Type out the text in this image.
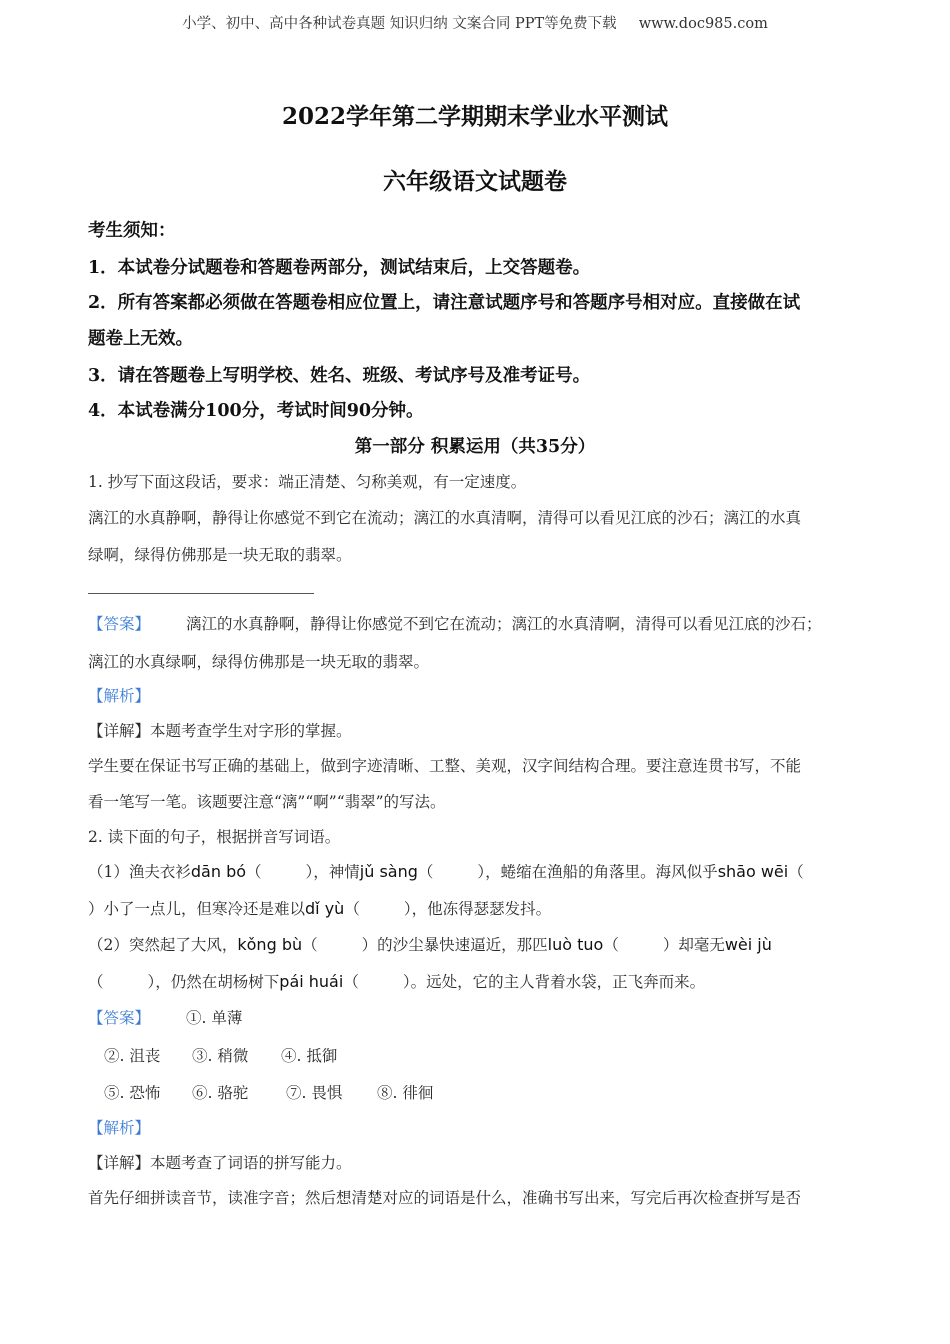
小学、初中、高中各种试卷真题 知识归纳 文案合同 PPT等免费下载 www.doc985.com
2022学年第二学期期末学业水平测试
六年级语文试题卷
考生须知：
1．本试卷分试题卷和答题卷两部分，测试结束后，上交答题卷。
2．所有答案都必须做在答题卷相应位置上，请注意试题序号和答题序号相对应。直接做在试
题卷上无效。
3．请在答题卷上写明学校、姓名、班级、考试序号及准考证号。
4．本试卷满分100分，考试时间90分钟。
第一部分 积累运用（共35分）
1. 抄写下面这段话，要求：端正清楚、匀称美观，有一定速度。
漓江的水真静啊，静得让你感觉不到它在流动；漓江的水真清啊，清得可以看见江底的沙石；漓江的水真
绿啊，绿得仿佛那是一块无取的翡翠。
【答案】 漓江的水真静啊，静得让你感觉不到它在流动；漓江的水真清啊，清得可以看见江底的沙石；
漓江的水真绿啊，绿得仿佛那是一块无取的翡翠。
【解析】
【详解】本题考查学生对字形的掌握。
学生要在保证书写正确的基础上，做到字迹清晰、工整、美观，汉字间结构合理。要注意连贯书写，不能
看一笔写一笔。该题要注意“漓”“啊”“翡翠”的写法。
2. 读下面的句子，根据拼音写词语。
（1）渔夫衣衫dān bó（	），神情jǔ sàng（	），蜷缩在渔船的角落里。海风似乎shāo wēi（
）小了一点儿，但寒冷还是难以dǐ yù（	），他冻得瑟瑟发抖。
（2）突然起了大风，kǒng bù（	）的沙尘暴快速逼近，那匹luò tuo（	）却毫无wèi jù
（	），仍然在胡杨树下pái huái（	）。远处，它的主人背着水袋，正飞奔而来。
【答案】 ①. 单薄
②. 沮丧 ③. 稍微 ④. 抵御
⑤. 恐怖 ⑥. 骆驼 ⑦. 畏惧 ⑧. 徘徊
【解析】
【详解】本题考查了词语的拼写能力。
首先仔细拼读音节，读准字音；然后想清楚对应的词语是什么，准确书写出来，写完后再次检查拼写是否
